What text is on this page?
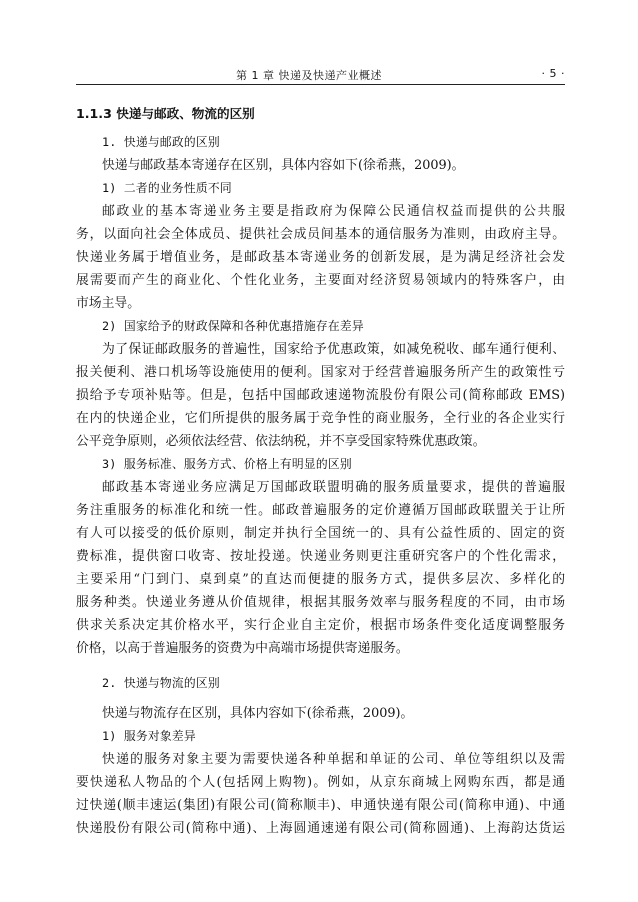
第 1 章 快递及快递产业概述	· 5 ·
1.1.3 快递与邮政、物流的区别
1. 快递与邮政的区别
快递与邮政基本寄递存在区别，具体内容如下(徐希燕，2009)。
1) 二者的业务性质不同
邮政业的基本寄递业务主要是指政府为保障公民通信权益而提供的公共服
务，以面向社会全体成员、提供社会成员间基本的通信服务为准则，由政府主导。
快递业务属于增值业务，是邮政基本寄递业务的创新发展，是为满足经济社会发
展需要而产生的商业化、个性化业务，主要面对经济贸易领域内的特殊客户，由
市场主导。
2) 国家给予的财政保障和各种优惠措施存在差异
为了保证邮政服务的普遍性，国家给予优惠政策，如减免税收、邮车通行便利、
报关便利、港口机场等设施使用的便利。国家对于经营普遍服务所产生的政策性亏
损给予专项补贴等。但是，包括中国邮政速递物流股份有限公司(简称邮政 EMS)
在内的快递企业，它们所提供的服务属于竞争性的商业服务，全行业的各企业实行
公平竞争原则，必须依法经营、依法纳税，并不享受国家特殊优惠政策。
3) 服务标准、服务方式、价格上有明显的区别
邮政基本寄递业务应满足万国邮政联盟明确的服务质量要求，提供的普遍服
务注重服务的标准化和统一性。邮政普遍服务的定价遵循万国邮政联盟关于让所
有人可以接受的低价原则，制定并执行全国统一的、具有公益性质的、固定的资
费标准，提供窗口收寄、按址投递。快递业务则更注重研究客户的个性化需求，
主要采用“门到门、桌到桌”的直达而便捷的服务方式，提供多层次、多样化的
服务种类。快递业务遵从价值规律，根据其服务效率与服务程度的不同，由市场
供求关系决定其价格水平，实行企业自主定价，根据市场条件变化适度调整服务
价格，以高于普遍服务的资费为中高端市场提供寄递服务。
2. 快递与物流的区别
快递与物流存在区别，具体内容如下(徐希燕，2009)。
1) 服务对象差异
快递的服务对象主要为需要快递各种单据和单证的公司、单位等组织以及需
要快递私人物品的个人(包括网上购物)。例如，从京东商城上网购东西，都是通
过快递(顺丰速运(集团)有限公司(简称顺丰)、申通快递有限公司(简称申通)、中通
快递股份有限公司(简称中通)、上海圆通速递有限公司(简称圆通)、上海韵达货运
